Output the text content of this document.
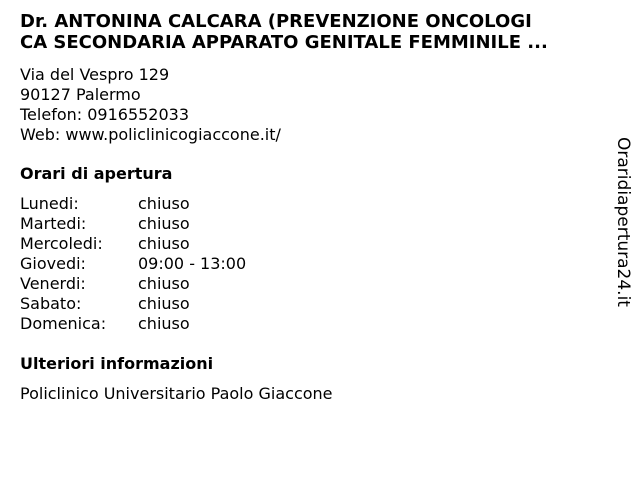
Dr. ANTONINA CALCARA (PREVENZIONE ONCOLOGI
CA SECONDARIA APPARATO GENITALE FEMMINILE ...
Via del Vespro 129
90127 Palermo
Telefon: 0916552033
Web: www.policlinicogiaccone.it/
Orari di apertura
Lunedi:	chiuso
Martedi:	chiuso
Mercoledi:	chiuso
Giovedi:	09:00 - 13:00
Venerdi:	chiuso
Sabato:	chiuso
Domenica:	chiuso
Ulteriori informazioni
Policlinico Universitario Paolo Giaccone
Oraridiapertura24.it
